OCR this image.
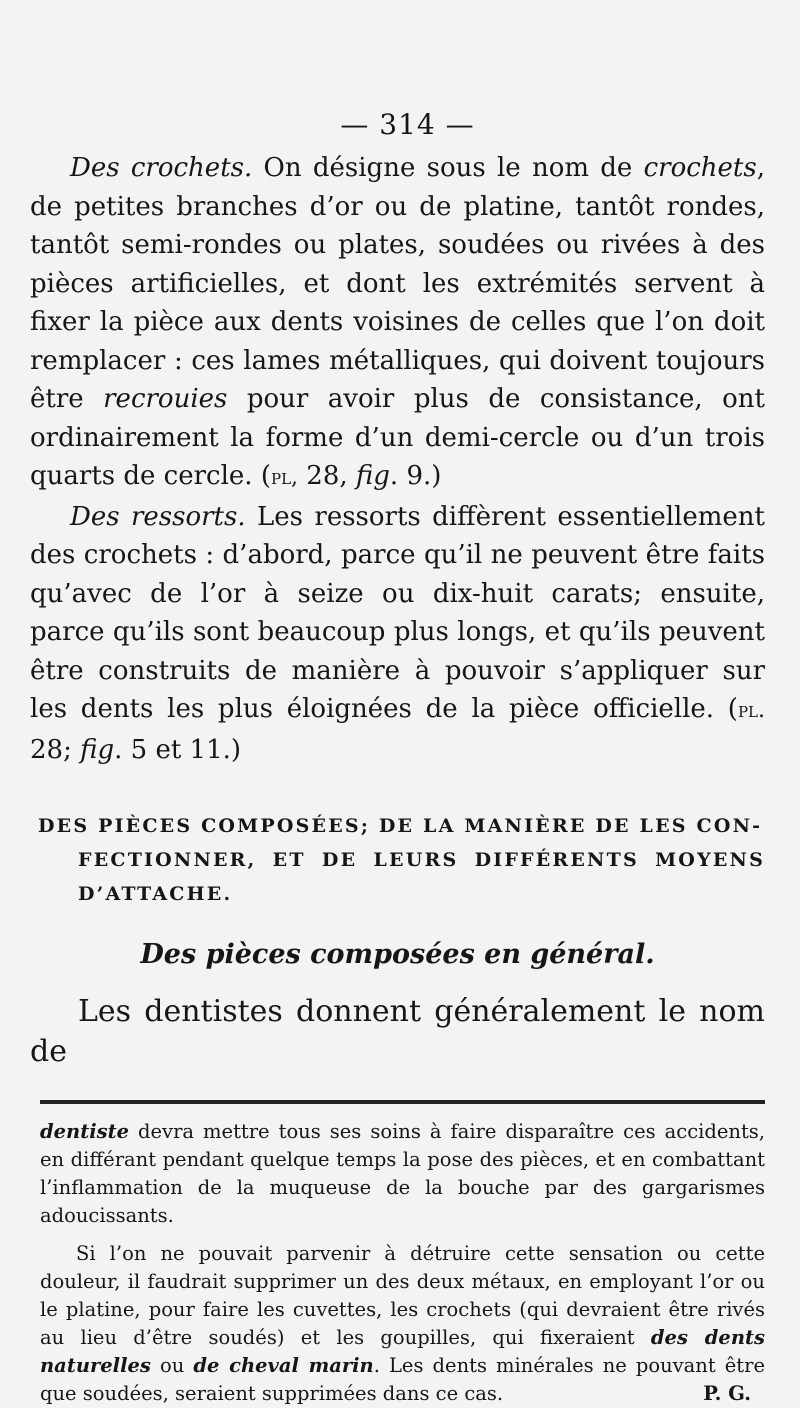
— 314 —

Des crochets. On désigne sous le nom de crochets, de petites branches d’or ou de platine, tantôt rondes, tantôt semi-rondes ou plates, soudées ou rivées à des pièces artificielles, et dont les extrémités servent à fixer la pièce aux dents voisines de celles que l’on doit remplacer : ces lames métalliques, qui doivent toujours être recrouies pour avoir plus de consistance, ont ordinairement la forme d’un demi-cercle ou d’un trois quarts de cercle. (pl, 28, fig. 9.)

Des ressorts. Les ressorts diffèrent essentiellement des crochets : d’abord, parce qu’il ne peuvent être faits qu’avec de l’or à seize ou dix-huit carats; ensuite, parce qu’ils sont beaucoup plus longs, et qu’ils peuvent être construits de manière à pouvoir s’appliquer sur les dents les plus éloignées de la pièce officielle. (pl. 28; fig. 5 et 11.)

DES PIÈCES COMPOSÉES; DE LA MANIÈRE DE LES CON-
FECTIONNER, ET DE LEURS DIFFÉRENTS MOYENS D’ATTACHE.
Des pièces composées en général.

Les dentistes donnent généralement le nom de

dentiste devra mettre tous ses soins à faire disparaître ces accidents, en différant pendant quelque temps la pose des pièces, et en combattant l’inflammation de la muqueuse de la bouche par des gargarismes adoucissants.

Si l’on ne pouvait parvenir à détruire cette sensation ou cette douleur, il faudrait supprimer un des deux métaux, en employant l’or ou le platine, pour faire les cuvettes, les crochets (qui devraient être rivés au lieu d’être soudés) et les goupilles, qui fixeraient des dents naturelles ou de cheval marin. Les dents minérales ne pouvant être que soudées, seraient supprimées dans ce cas.	P. G.
